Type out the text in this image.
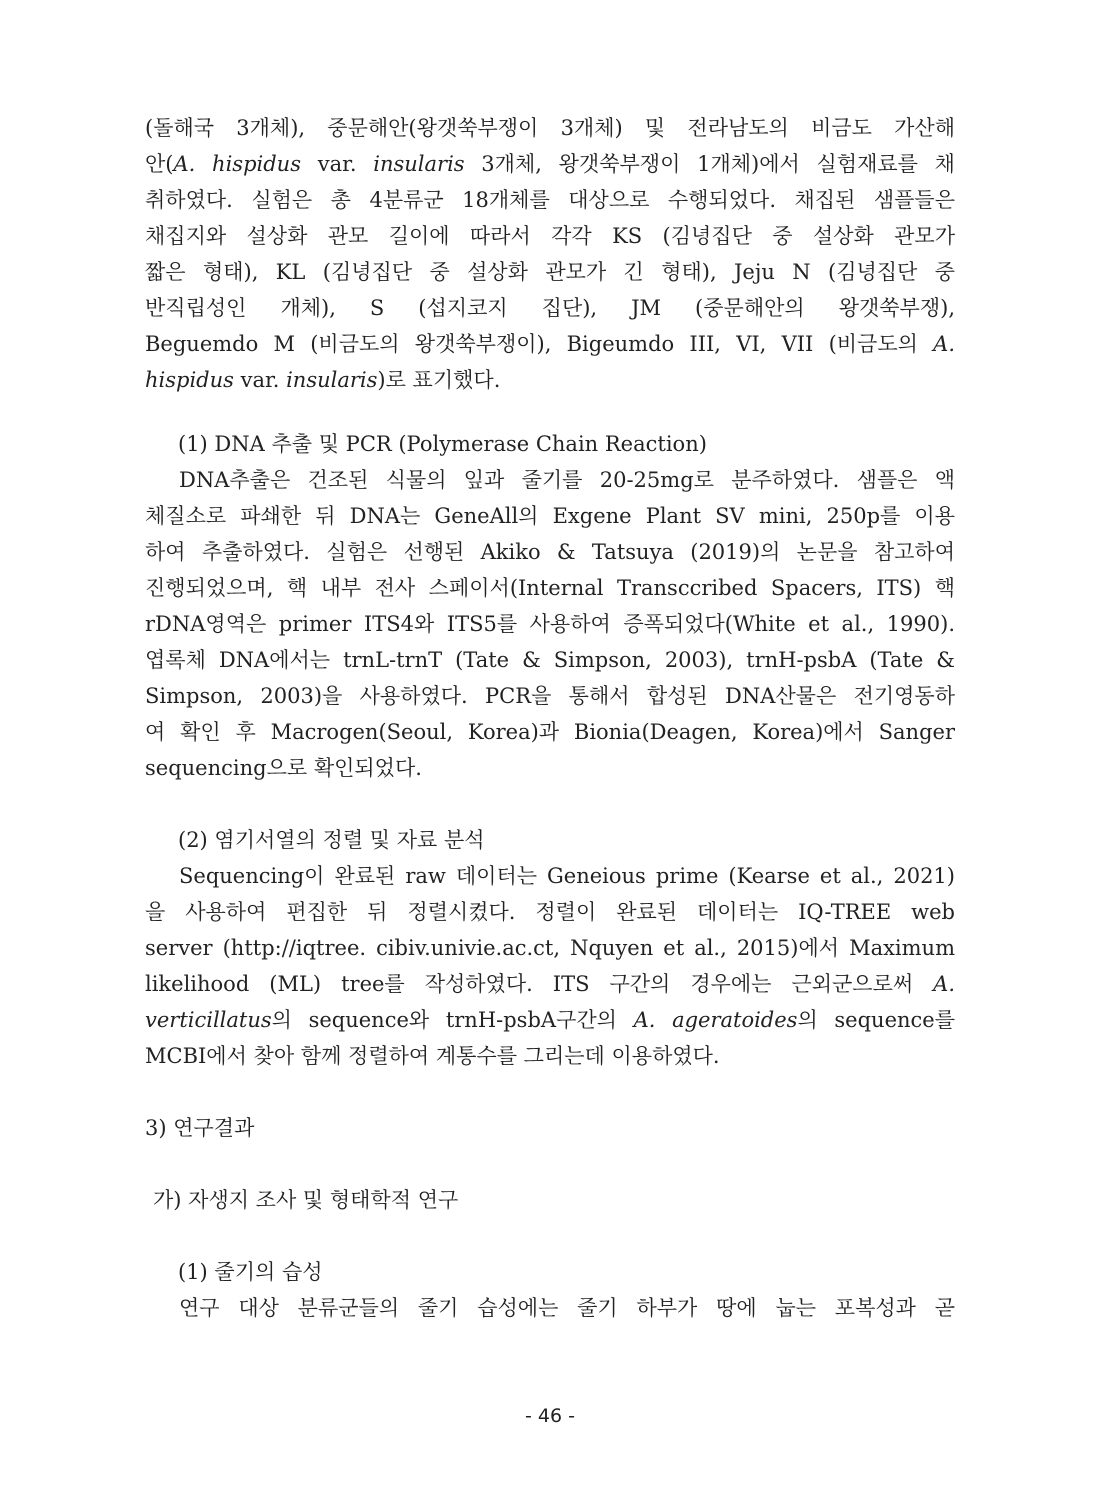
(돌해국 3개체), 중문해안(왕갯쑥부쟁이 3개체) 및 전라남도의 비금도 가산해
안(A. hispidus var. insularis 3개체, 왕갯쑥부쟁이 1개체)에서 실험재료를 채
취하였다. 실험은 총 4분류군 18개체를 대상으로 수행되었다. 채집된 샘플들은
채집지와 설상화 관모 길이에 따라서 각각 KS (김녕집단 중 설상화 관모가
짧은 형태), KL (김녕집단 중 설상화 관모가 긴 형태), Jeju N (김녕집단 중
반직립성인 개체), S (섭지코지 집단), JM (중문해안의 왕갯쑥부쟁),
Beguemdo M (비금도의 왕갯쑥부쟁이), Bigeumdo III, VI, VII (비금도의 A.
hispidus var. insularis)로 표기했다.
(1) DNA 추출 및 PCR (Polymerase Chain Reaction)
DNA추출은 건조된 식물의 잎과 줄기를 20-25mg로 분주하였다. 샘플은 액
체질소로 파쇄한 뒤 DNA는 GeneAll의 Exgene Plant SV mini, 250p를 이용
하여 추출하였다. 실험은 선행된 Akiko & Tatsuya (2019)의 논문을 참고하여
진행되었으며, 핵 내부 전사 스페이서(Internal Transccribed Spacers, ITS) 핵
rDNA영역은 primer ITS4와 ITS5를 사용하여 증폭되었다(White et al., 1990).
엽록체 DNA에서는 trnL-trnT (Tate & Simpson, 2003), trnH-psbA (Tate &
Simpson, 2003)을 사용하였다. PCR을 통해서 합성된 DNA산물은 전기영동하
여 확인 후 Macrogen(Seoul, Korea)과 Bionia(Deagen, Korea)에서 Sanger
sequencing으로 확인되었다.
(2) 염기서열의 정렬 및 자료 분석
Sequencing이 완료된 raw 데이터는 Geneious prime (Kearse et al., 2021)
을 사용하여 편집한 뒤 정렬시켰다. 정렬이 완료된 데이터는 IQ-TREE web
server (http://iqtree. cibiv.univie.ac.ct, Nquyen et al., 2015)에서 Maximum
likelihood (ML) tree를 작성하였다. ITS 구간의 경우에는 근외군으로써 A.
verticillatus의 sequence와 trnH-psbA구간의 A. ageratoides의 sequence를
MCBI에서 찾아 함께 정렬하여 계통수를 그리는데 이용하였다.
3) 연구결과
가) 자생지 조사 및 형태학적 연구
(1) 줄기의 습성
연구 대상 분류군들의 줄기 습성에는 줄기 하부가 땅에 눕는 포복성과 곧
- 46 -
